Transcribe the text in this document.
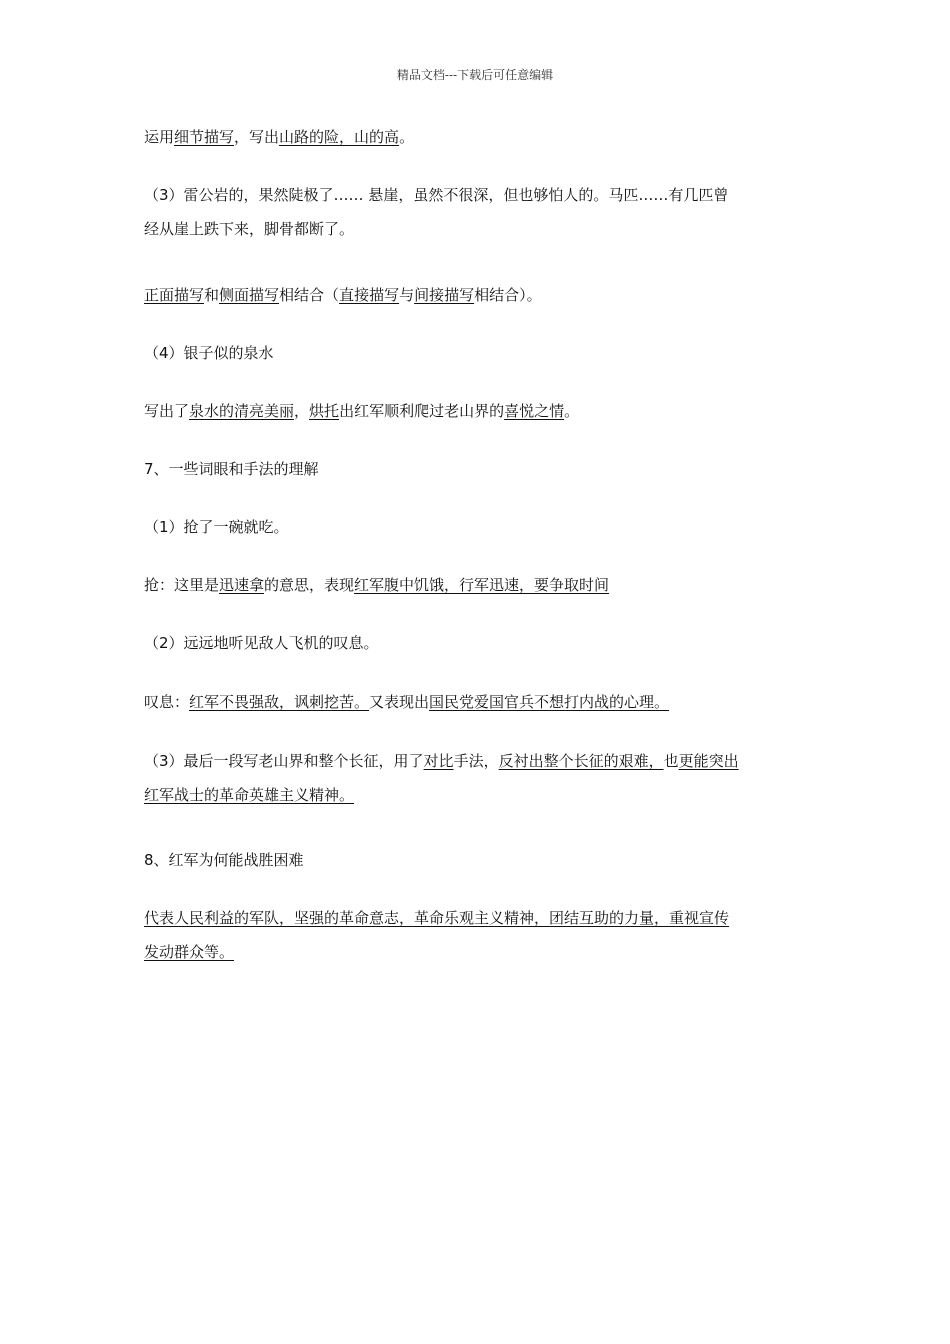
精品文档---下载后可任意编辑
运用细节描写，写出山路的险，山的高。
（3）雷公岩的，果然陡极了…… 悬崖，虽然不很深，但也够怕人的。马匹……有几匹曾
经从崖上跌下来，脚骨都断了。
正面描写和侧面描写相结合（直接描写与间接描写相结合）。
（4）银子似的泉水
写出了泉水的清亮美丽，烘托出红军顺利爬过老山界的喜悦之情。
7、一些词眼和手法的理解
（1）抢了一碗就吃。
抢：这里是迅速拿的意思，表现红军腹中饥饿，行军迅速，要争取时间
（2）远远地听见敌人飞机的叹息。
叹息：红军不畏强敌，讽刺挖苦。又表现出国民党爱国官兵不想打内战的心理。
（3）最后一段写老山界和整个长征，用了对比手法，反衬出整个长征的艰难，也更能突出
红军战士的革命英雄主义精神。
8、红军为何能战胜困难
代表人民利益的军队，坚强的革命意志，革命乐观主义精神，团结互助的力量，重视宣传
发动群众等。
